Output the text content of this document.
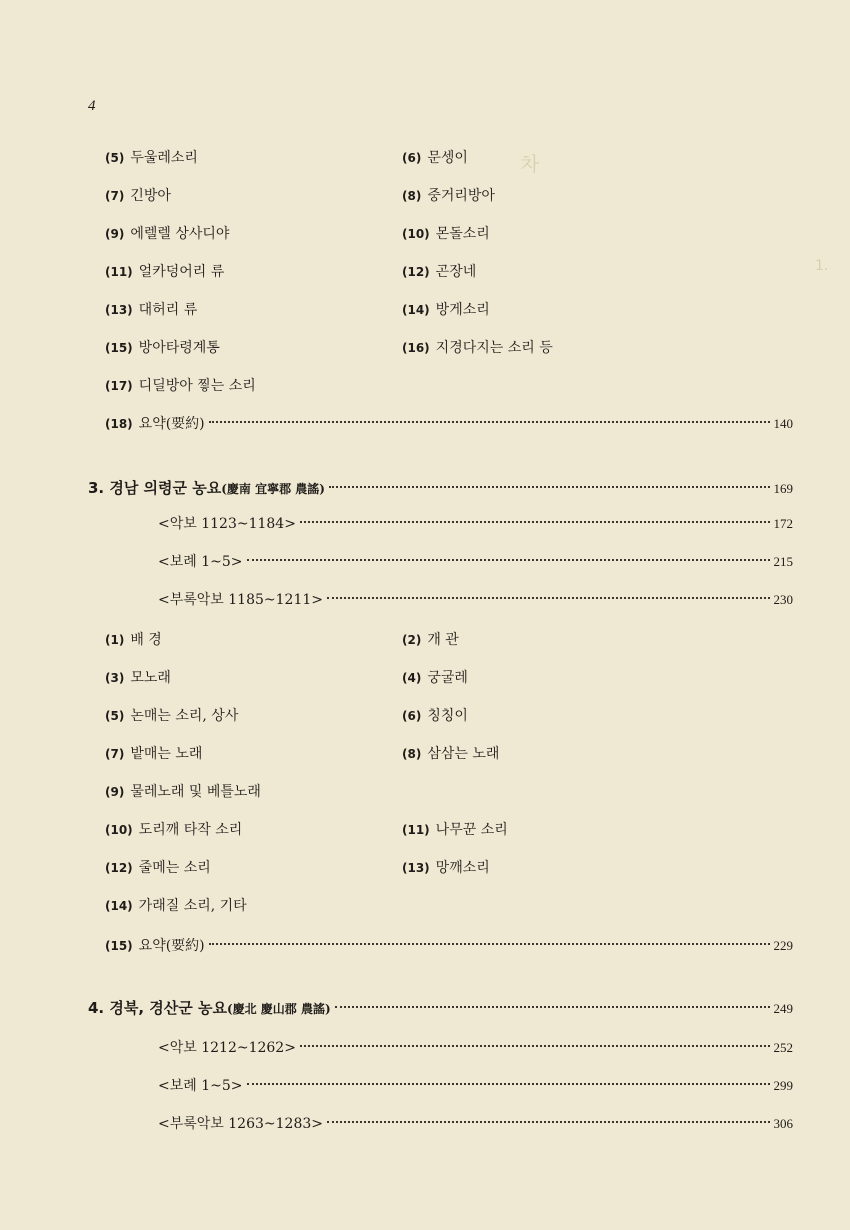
차
1.
4
(5) 두울레소리	(6) 문셍이
(7) 긴방아	(8) 중거리방아
(9) 에렐렐 상사디야	(10) 몬돌소리
(11) 얼카덩어리 류	(12) 곤장네
(13) 대허리 류	(14) 방게소리
(15) 방아타령계통	(16) 지경다지는 소리 등
(17) 디딜방아 찧는 소리
(18) 요약(要約)	140
3. 경남 의령군 농요(慶南 宜寧郡 農謠)	169
<악보 1123~1184>	172
<보례 1~5>	215
<부록악보 1185~1211>	230
(1) 배 경	(2) 개 관
(3) 모노래	(4) 궁굴레
(5) 논매는 소리, 상사	(6) 칭칭이
(7) 밭매는 노래	(8) 삼삼는 노래
(9) 물레노래 및 베틀노래
(10) 도리깨 타작 소리	(11) 나무꾼 소리
(12) 줄메는 소리	(13) 망깨소리
(14) 가래질 소리, 기타
(15) 요약(要約)	229
4. 경북, 경산군 농요(慶北 慶山郡 農謠)	249
<악보 1212~1262>	252
<보례 1~5>	299
<부록악보 1263~1283>	306
